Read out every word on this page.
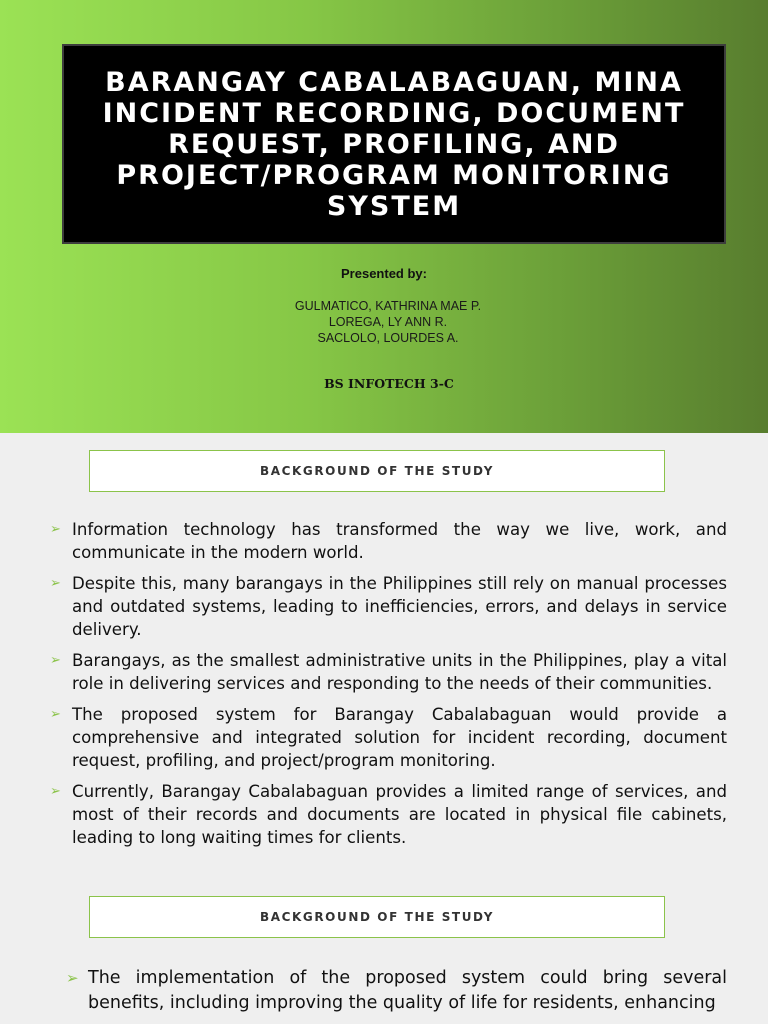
BARANGAY CABALABAGUAN, MINA
INCIDENT RECORDING, DOCUMENT
REQUEST, PROFILING, AND
PROJECT/PROGRAM MONITORING
SYSTEM
Presented by:
GULMATICO, KATHRINA MAE P.
LOREGA, LY ANN R.
SACLOLO, LOURDES A.
BS INFOTECH 3-C
BACKGROUND OF THE STUDY
➢ Information technology has transformed the way we live, work, and communicate in the modern world.
➢ Despite this, many barangays in the Philippines still rely on manual processes and outdated systems, leading to inefficiencies, errors, and delays in service delivery.
➢ Barangays, as the smallest administrative units in the Philippines, play a vital role in delivering services and responding to the needs of their communities.
➢ The proposed system for Barangay Cabalabaguan would provide a comprehensive and integrated solution for incident recording, document request, profiling, and project/program monitoring.
➢ Currently, Barangay Cabalabaguan provides a limited range of services, and most of their records and documents are located in physical file cabinets, leading to long waiting times for clients.
BACKGROUND OF THE STUDY
➢ The implementation of the proposed system could bring several benefits, including improving the quality of life for residents, enhancing
